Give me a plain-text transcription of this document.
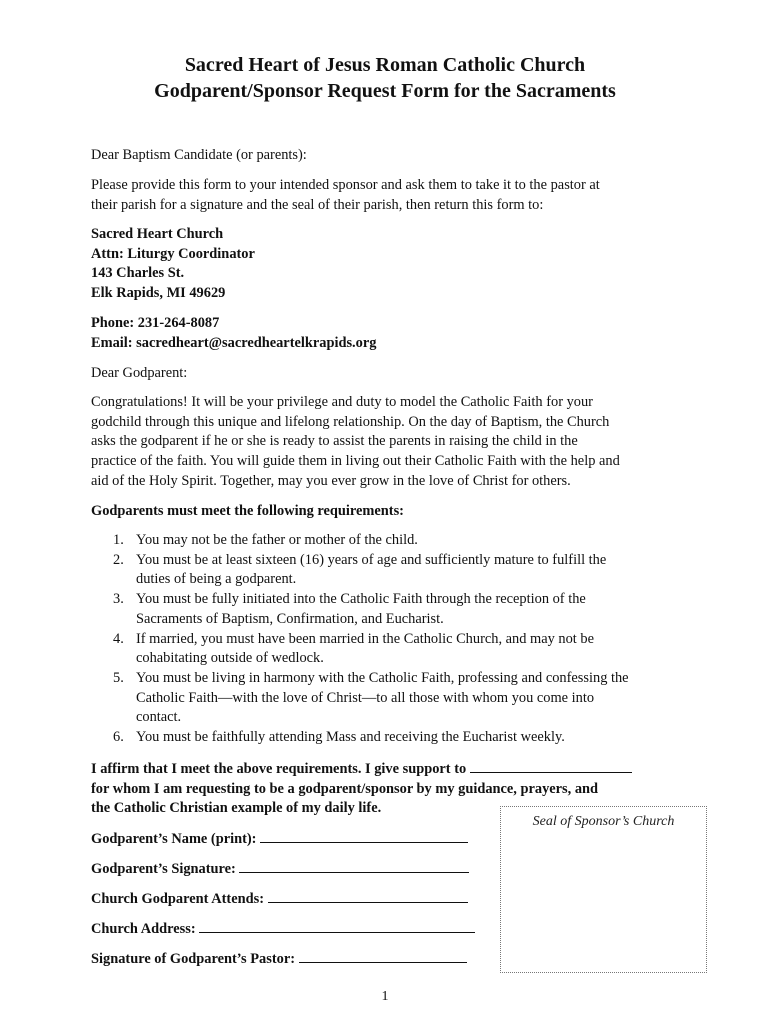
Sacred Heart of Jesus Roman Catholic Church
Godparent/Sponsor Request Form for the Sacraments
Dear Baptism Candidate (or parents):
Please provide this form to your intended sponsor and ask them to take it to the pastor at
their parish for a signature and the seal of their parish, then return this form to:
Sacred Heart Church
Attn: Liturgy Coordinator
143 Charles St.
Elk Rapids, MI 49629
Phone: 231-264-8087
Email: sacredheart@sacredheartelkrapids.org
Dear Godparent:
Congratulations! It will be your privilege and duty to model the Catholic Faith for your
godchild through this unique and lifelong relationship. On the day of Baptism, the Church
asks the godparent if he or she is ready to assist the parents in raising the child in the
practice of the faith. You will guide them in living out their Catholic Faith with the help and
aid of the Holy Spirit. Together, may you ever grow in the love of Christ for others.
Godparents must meet the following requirements:
1. You may not be the father or mother of the child.
2. You must be at least sixteen (16) years of age and sufficiently mature to fulfill the
duties of being a godparent.
3. You must be fully initiated into the Catholic Faith through the reception of the
Sacraments of Baptism, Confirmation, and Eucharist.
4. If married, you must have been married in the Catholic Church, and may not be
cohabitating outside of wedlock.
5. You must be living in harmony with the Catholic Faith, professing and confessing the
Catholic Faith—with the love of Christ—to all those with whom you come into
contact.
6. You must be faithfully attending Mass and receiving the Eucharist weekly.
I affirm that I meet the above requirements. I give support to
for whom I am requesting to be a godparent/sponsor by my guidance, prayers, and
the Catholic Christian example of my daily life.
Godparent’s Name (print):
Godparent’s Signature:
Church Godparent Attends:
Church Address:
Signature of Godparent’s Pastor:
Seal of Sponsor’s Church
1
